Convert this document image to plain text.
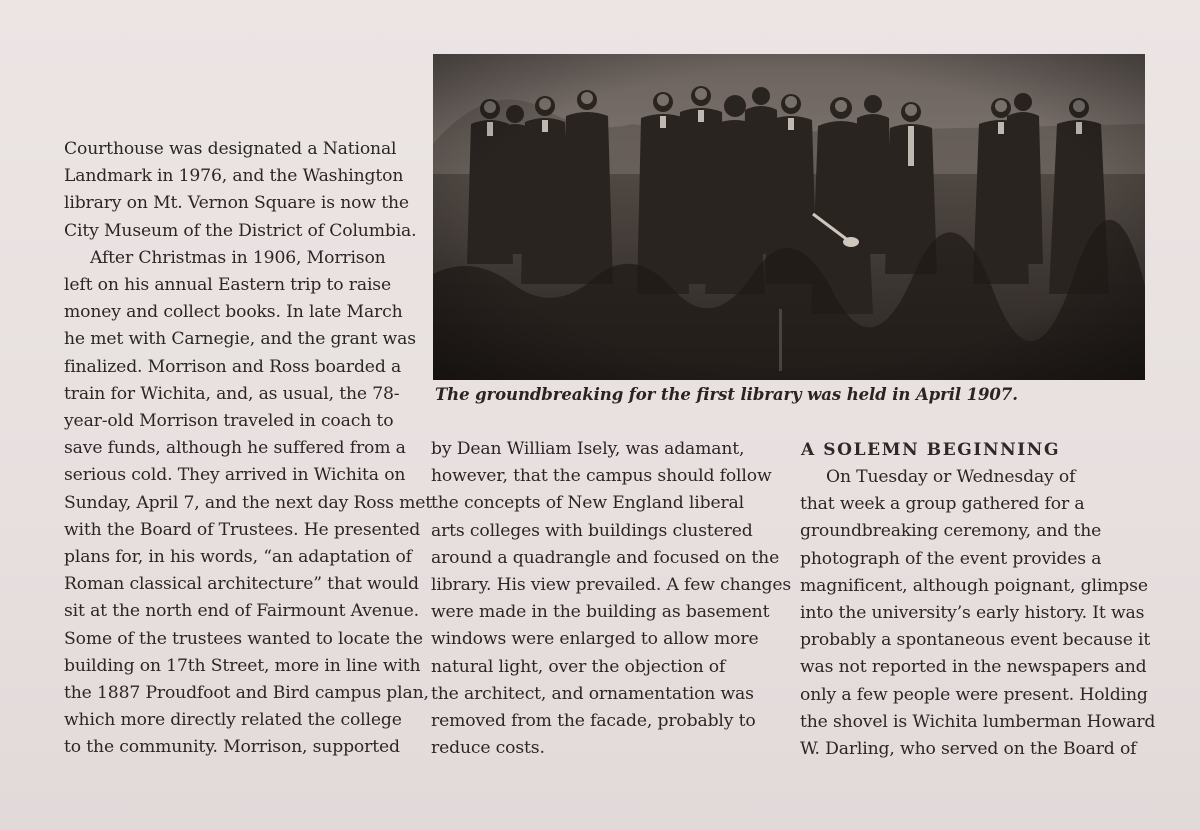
Courthouse was designated a National
Landmark in 1976, and the Washington
library on Mt. Vernon Square is now the
City Museum of the District of Columbia.
After Christmas in 1906, Morrison
left on his annual Eastern trip to raise
money and collect books. In late March
he met with Carnegie, and the grant was
finalized. Morrison and Ross boarded a
train for Wichita, and, as usual, the 78-
year-old Morrison traveled in coach to
save funds, although he suffered from a
serious cold. They arrived in Wichita on
Sunday, April 7, and the next day Ross met
with the Board of Trustees. He presented
plans for, in his words, “an adaptation of
Roman classical architecture” that would
sit at the north end of Fairmount Avenue.
Some of the trustees wanted to locate the
building on 17th Street, more in line with
the 1887 Proudfoot and Bird campus plan,
which more directly related the college
to the community. Morrison, supported
The groundbreaking for the first library was held in April 1907.
by Dean William Isely, was adamant,
however, that the campus should follow
the concepts of New England liberal
arts colleges with buildings clustered
around a quadrangle and focused on the
library. His view prevailed. A few changes
were made in the building as basement
windows were enlarged to allow more
natural light, over the objection of
the architect, and ornamentation was
removed from the facade, probably to
reduce costs.
A SOLEMN BEGINNING
On Tuesday or Wednesday of
that week a group gathered for a
groundbreaking ceremony, and the
photograph of the event provides a
magnificent, although poignant, glimpse
into the university’s early history. It was
probably a spontaneous event because it
was not reported in the newspapers and
only a few people were present. Holding
the shovel is Wichita lumberman Howard
W. Darling, who served on the Board of
